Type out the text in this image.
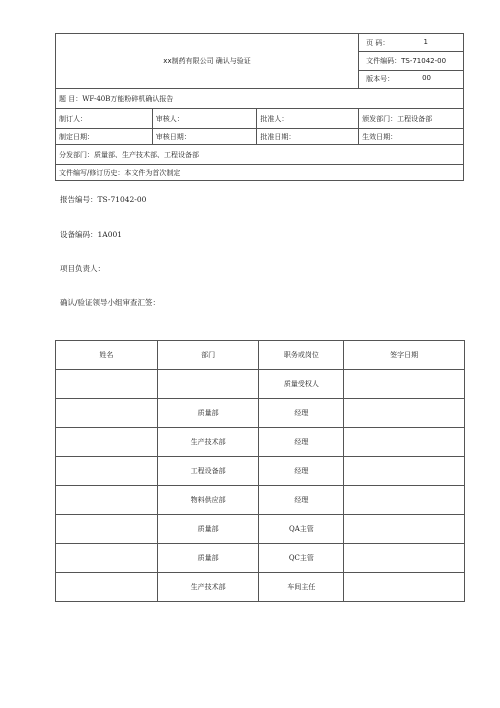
xx制药有限公司 确认与验证			页 码： 1

			文件编码：TS-71042-00

			版本号： 00

题 目：WF-40B万能粉碎机确认报告			
制订人：	审核人：	批准人：	颁发部门：工程设备部
制定日期：	审核日期：	批准日期：	生效日期：
分发部门：质量部、生产技术部、工程设备部			
文件编写/修订历史：本文件为首次制定			
报告编号：TS-71042-00
设备编码：1A001
项目负责人：
确认/验证领导小组审查汇签：
姓名	部门	职务或岗位	签字日期
		质量受权人	
	质量部	经理	
	生产技术部	经理	
	工程设备部	经理	
	物料供应部	经理	
	质量部	QA主管	
	质量部	QC主管	
	生产技术部	车间主任	
